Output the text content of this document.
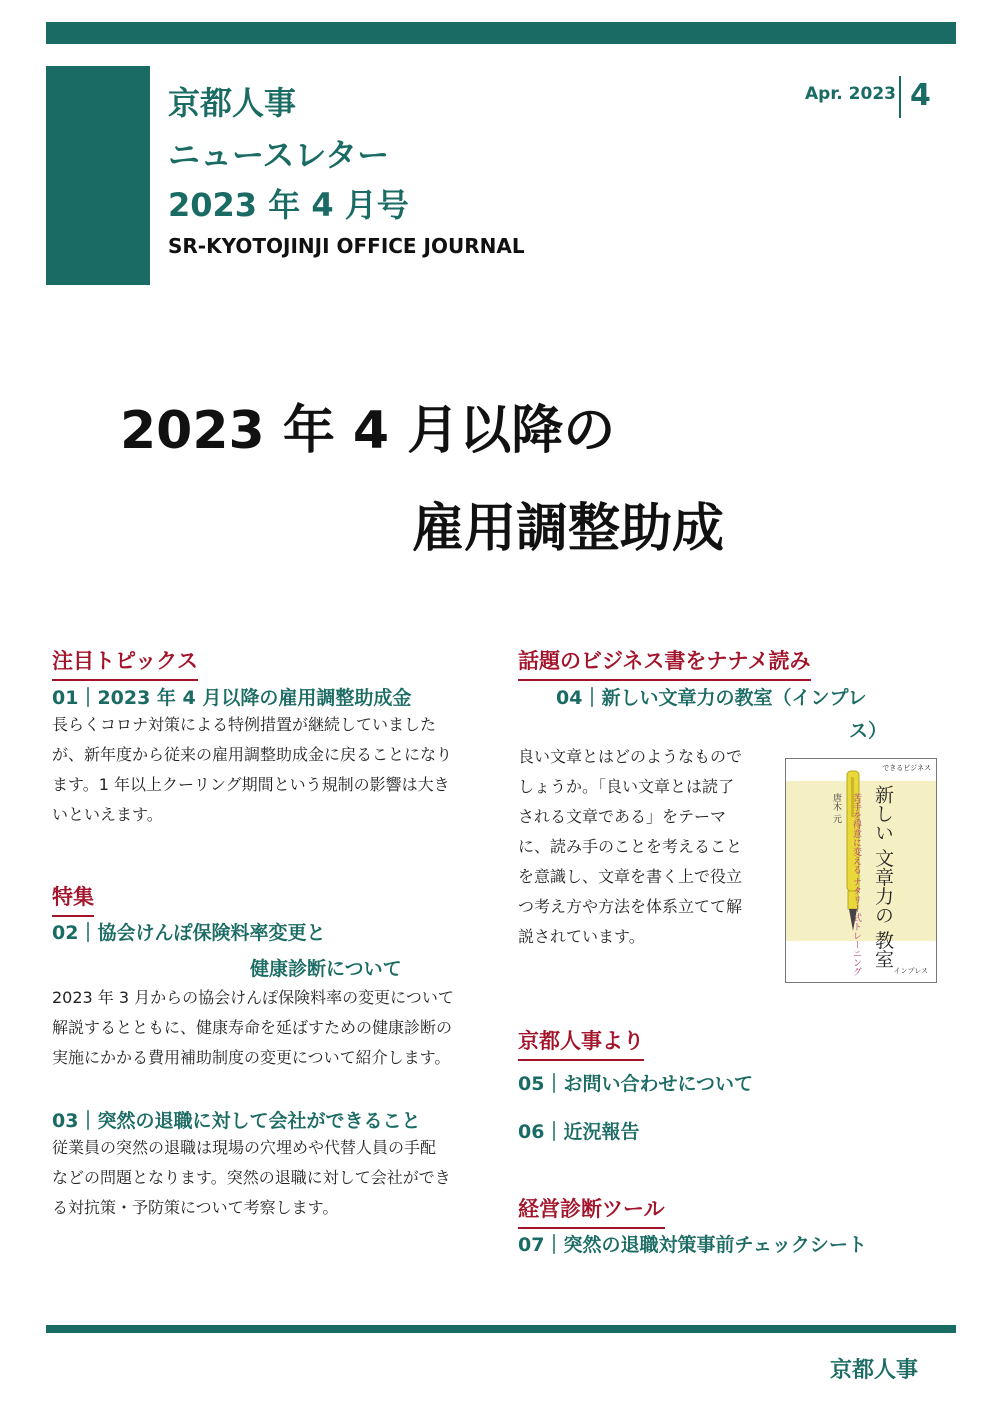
京都人事
ニュースレター
2023 年 4 月号
SR-KYOTOJINJI OFFICE JOURNAL
Apr. 2023 4
2023 年 4 月以降の
雇用調整助成
注目トピックス
01｜2023 年 4 月以降の雇用調整助成金
長らくコロナ対策による特例措置が継続していました
が、新年度から従来の雇用調整助成金に戻ることになり
ます。1 年以上クーリング期間という規制の影響は大き
いといえます。
特集
02｜協会けんぽ保険料率変更と
健康診断について
2023 年 3 月からの協会けんぽ保険料率の変更について
解説するとともに、健康寿命を延ばすための健康診断の
実施にかかる費用補助制度の変更について紹介します。
03｜突然の退職に対して会社ができること
従業員の突然の退職は現場の穴埋めや代替人員の手配
などの問題となります。突然の退職に対して会社ができ
る対抗策・予防策について考察します。
話題のビジネス書をナナメ読み
04｜新しい文章力の教室（インプレ
ス）
良い文章とはどのようなもので
しょうか。「良い文章とは読了
される文章である」をテーマ
に、読み手のことを考えること
を意識し、文章を書く上で役立
つ考え方や方法を体系立てて解
説されています。
できるビジネス
新しい 文章力の 教室
苦手を得意に変える ナタリー式トレーニング
唐木 元
インプレス
京都人事より
05｜お問い合わせについて
06｜近況報告
経営診断ツール
07｜突然の退職対策事前チェックシート
京都人事
